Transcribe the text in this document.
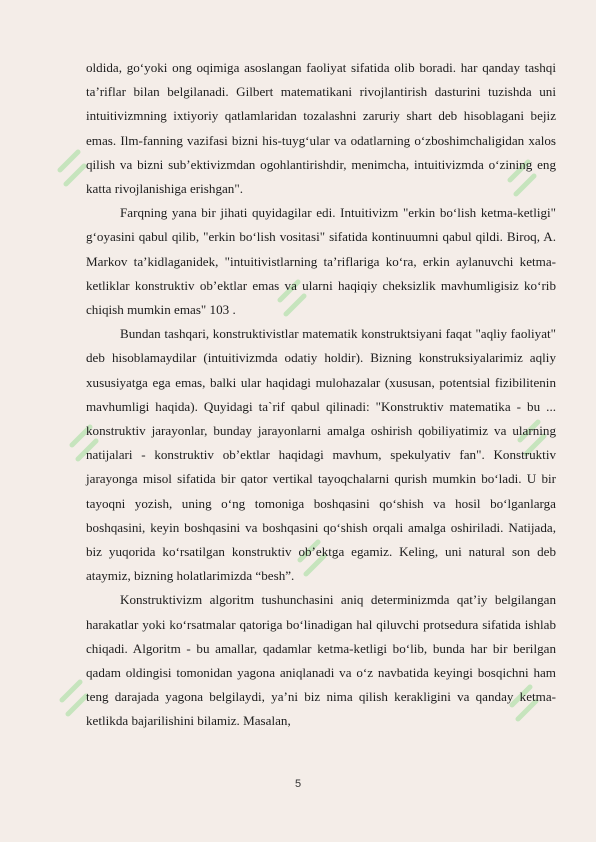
oldida, go‘yoki ong oqimiga asoslangan faoliyat sifatida olib boradi. har qanday tashqi ta’riflar bilan belgilanadi. Gilbert matematikani rivojlantirish dasturini tuzishda uni intuitivizmning ixtiyoriy qatlamlaridan tozalashni zaruriy shart deb hisoblagani bejiz emas. Ilm-fanning vazifasi bizni his-tuyg‘ular va odatlarning o‘zboshimchaligidan xalos qilish va bizni sub’ektivizmdan ogohlantirishdir, menimcha, intuitivizmda o‘zining eng katta rivojlanishiga erishgan".

Farqning yana bir jihati quyidagilar edi. Intuitivizm "erkin bo‘lish ketma-ketligi" g‘oyasini qabul qilib, "erkin bo‘lish vositasi" sifatida kontinuumni qabul qildi. Biroq, A. Markov ta’kidlaganidek, "intuitivistlarning ta’riflariga ko‘ra, erkin aylanuvchi ketma-ketliklar konstruktiv ob’ektlar emas va ularni haqiqiy cheksizlik mavhumligisiz ko‘rib chiqish mumkin emas" 103 .

Bundan tashqari, konstruktivistlar matematik konstruktsiyani faqat "aqliy faoliyat" deb hisoblamaydilar (intuitivizmda odatiy holdir). Bizning konstruksiyalarimiz aqliy xususiyatga ega emas, balki ular haqidagi mulohazalar (xususan, potentsial fizibilitenin mavhumligi haqida). Quyidagi ta`rif qabul qilinadi: "Konstruktiv matematika - bu ... konstruktiv jarayonlar, bunday jarayonlarni amalga oshirish qobiliyatimiz va ularning natijalari - konstruktiv ob’ektlar haqidagi mavhum, spekulyativ fan". Konstruktiv jarayonga misol sifatida bir qator vertikal tayoqchalarni qurish mumkin bo‘ladi. U bir tayoqni yozish, uning o‘ng tomoniga boshqasini qo‘shish va hosil bo‘lganlarga boshqasini, keyin boshqasini va boshqasini qo‘shish orqali amalga oshiriladi. Natijada, biz yuqorida ko‘rsatilgan konstruktiv ob’ektga egamiz. Keling, uni natural son deb ataymiz, bizning holatlarimizda “besh”.

Konstruktivizm algoritm tushunchasini aniq determinizmda qat’iy belgilangan harakatlar yoki ko‘rsatmalar qatoriga bo‘linadigan hal qiluvchi protsedura sifatida ishlab chiqadi. Algoritm - bu amallar, qadamlar ketma-ketligi bo‘lib, bunda har bir berilgan qadam oldingisi tomonidan yagona aniqlanadi va o‘z navbatida keyingi bosqichni ham teng darajada yagona belgilaydi, ya’ni biz nima qilish kerakligini va qanday ketma-ketlikda bajarilishini bilamiz. Masalan,

5
